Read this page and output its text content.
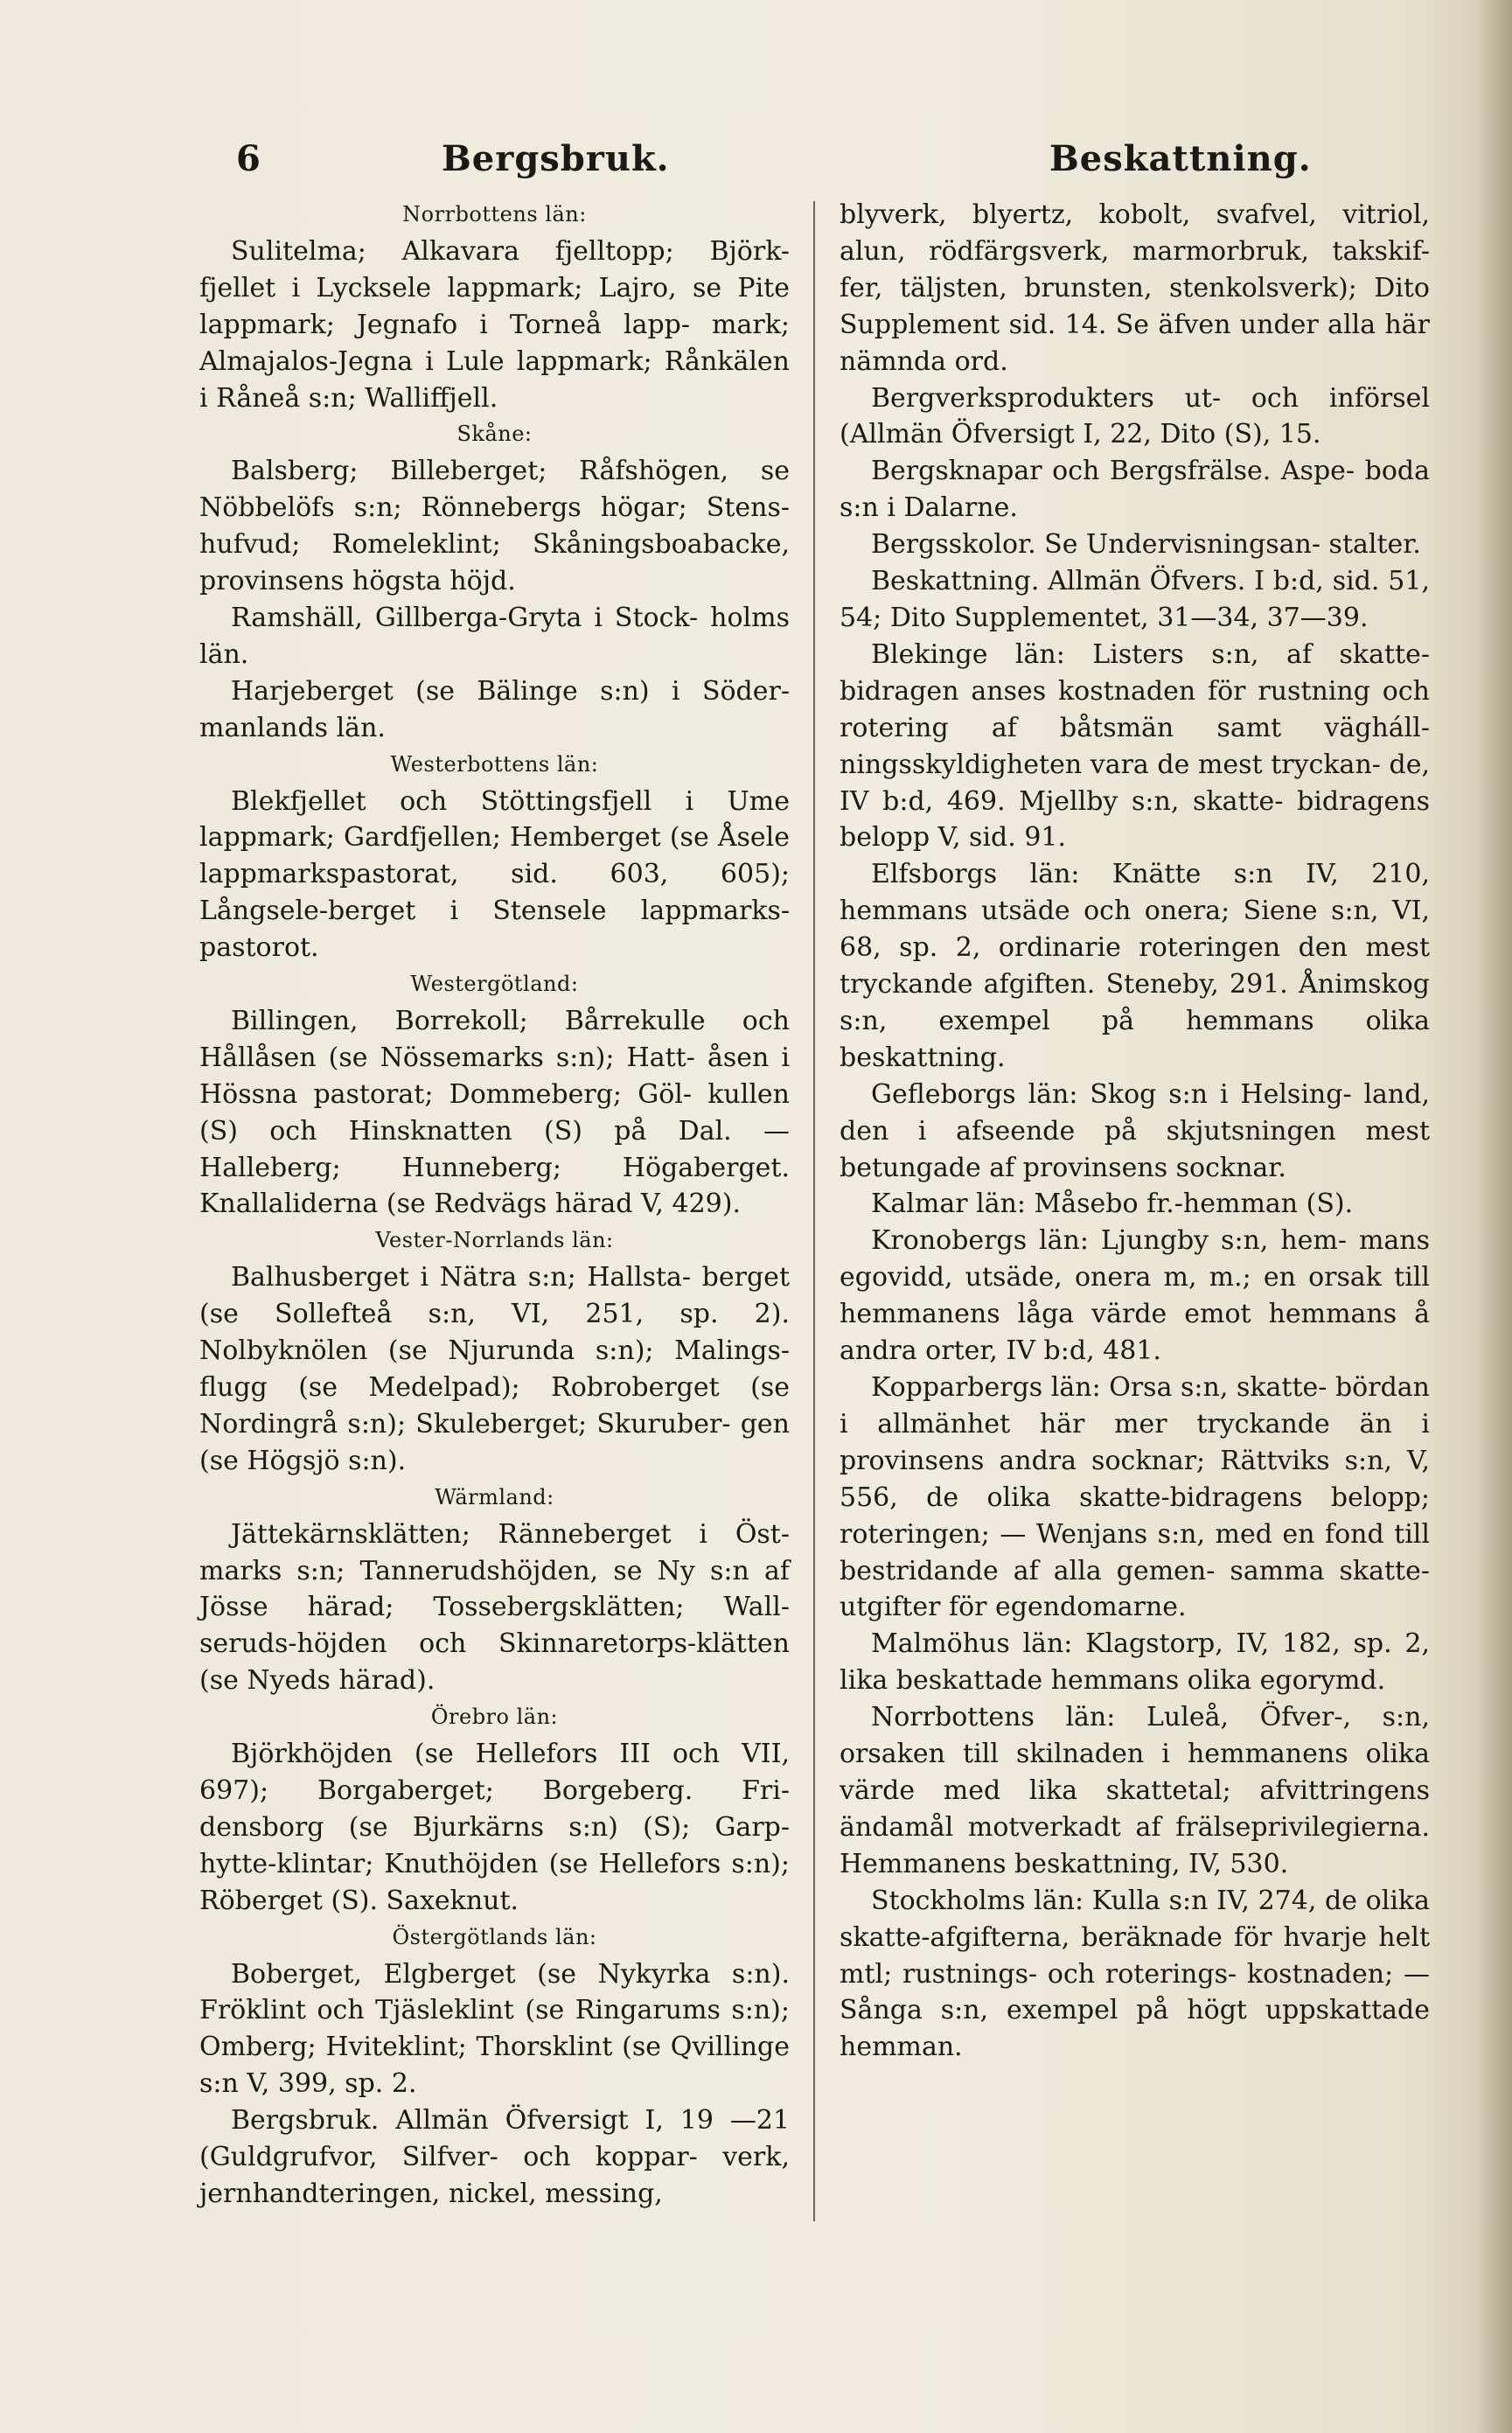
6	Bergsbruk.	Beskattning.
Norrbottens län:

Sulitelma; Alkavara fjelltopp; Björk- fjellet i Lycksele lappmark; Lajro, se Pite lappmark; Jegnafo i Torneå lapp- mark; Almajalos-Jegna i Lule lappmark; Rånkälen i Råneå s:n; Walliffjell.

Skåne:

Balsberg; Billeberget; Råfshögen, se Nöbbelöfs s:n; Rönnebergs högar; Stens- hufvud; Romeleklint; Skåningsboabacke, provinsens högsta höjd.

Ramshäll, Gillberga-Gryta i Stock- holms län.

Harjeberget (se Bälinge s:n) i Söder- manlands län.

Westerbottens län:

Blekfjellet och Stöttingsfjell i Ume lappmark; Gardfjellen; Hemberget (se Åsele lappmarkspastorat, sid. 603, 605); Långsele-berget i Stensele lappmarks- pastorot.

Westergötland:

Billingen, Borrekoll; Bårrekulle och Hållåsen (se Nössemarks s:n); Hatt- åsen i Hössna pastorat; Dommeberg; Göl- kullen (S) och Hinsknatten (S) på Dal. — Halleberg; Hunneberg; Högaberget. Knallaliderna (se Redvägs härad V, 429).

Vester-Norrlands län:

Balhusberget i Nätra s:n; Hallsta- berget (se Sollefteå s:n, VI, 251, sp. 2). Nolbyknölen (se Njurunda s:n); Malings- flugg (se Medelpad); Robroberget (se Nordingrå s:n); Skuleberget; Skuruber- gen (se Högsjö s:n).

Wärmland:

Jättekärnsklätten; Ränneberget i Öst- marks s:n; Tannerudshöjden, se Ny s:n af Jösse härad; Tossebergsklätten; Wall- seruds-höjden och Skinnaretorps-klätten (se Nyeds härad).

Örebro län:

Björkhöjden (se Hellefors III och VII, 697); Borgaberget; Borgeberg. Fri- densborg (se Bjurkärns s:n) (S); Garp- hytte-klintar; Knuthöjden (se Hellefors s:n); Röberget (S). Saxeknut.

Östergötlands län:

Boberget, Elgberget (se Nykyrka s:n). Fröklint och Tjäsleklint (se Ringarums s:n); Omberg; Hviteklint; Thorsklint (se Qvillinge s:n V, 399, sp. 2.

Bergsbruk. Allmän Öfversigt I, 19 —21 (Guldgrufvor, Silfver- och koppar- verk, jernhandteringen, nickel, messing,

blyverk, blyertz, kobolt, svafvel, vitriol, alun, rödfärgsverk, marmorbruk, takskif- fer, täljsten, brunsten, stenkolsverk); Dito Supplement sid. 14. Se äfven under alla här nämnda ord.

Bergverksprodukters ut- och införsel (Allmän Öfversigt I, 22, Dito (S), 15.

Bergsknapar och Bergsfrälse. Aspe- boda s:n i Dalarne.

Bergsskolor. Se Undervisningsan- stalter.

Beskattning. Allmän Öfvers. I b:d, sid. 51, 54; Dito Supplementet, 31—34, 37—39.

Blekinge län: Listers s:n, af skatte- bidragen anses kostnaden för rustning och rotering af båtsmän samt vägháll- ningsskyldigheten vara de mest tryckan- de, IV b:d, 469. Mjellby s:n, skatte- bidragens belopp V, sid. 91.

Elfsborgs län: Knätte s:n IV, 210, hemmans utsäde och onera; Siene s:n, VI, 68, sp. 2, ordinarie roteringen den mest tryckande afgiften. Steneby, 291. Ånimskog s:n, exempel på hemmans olika beskattning.

Gefleborgs län: Skog s:n i Helsing- land, den i afseende på skjutsningen mest betungade af provinsens socknar.

Kalmar län: Måsebo fr.-hemman (S).

Kronobergs län: Ljungby s:n, hem- mans egovidd, utsäde, onera m, m.; en orsak till hemmanens låga värde emot hemmans å andra orter, IV b:d, 481.

Kopparbergs län: Orsa s:n, skatte- bördan i allmänhet här mer tryckande än i provinsens andra socknar; Rättviks s:n, V, 556, de olika skatte-bidragens belopp; roteringen; — Wenjans s:n, med en fond till bestridande af alla gemen- samma skatte-utgifter för egendomarne.

Malmöhus län: Klagstorp, IV, 182, sp. 2, lika beskattade hemmans olika egorymd.

Norrbottens län: Luleå, Öfver-, s:n, orsaken till skilnaden i hemmanens olika värde med lika skattetal; afvittringens ändamål motverkadt af frälseprivilegierna. Hemmanens beskattning, IV, 530.

Stockholms län: Kulla s:n IV, 274, de olika skatte-afgifterna, beräknade för hvarje helt mtl; rustnings- och roterings- kostnaden; — Sånga s:n, exempel på högt uppskattade hemman.
